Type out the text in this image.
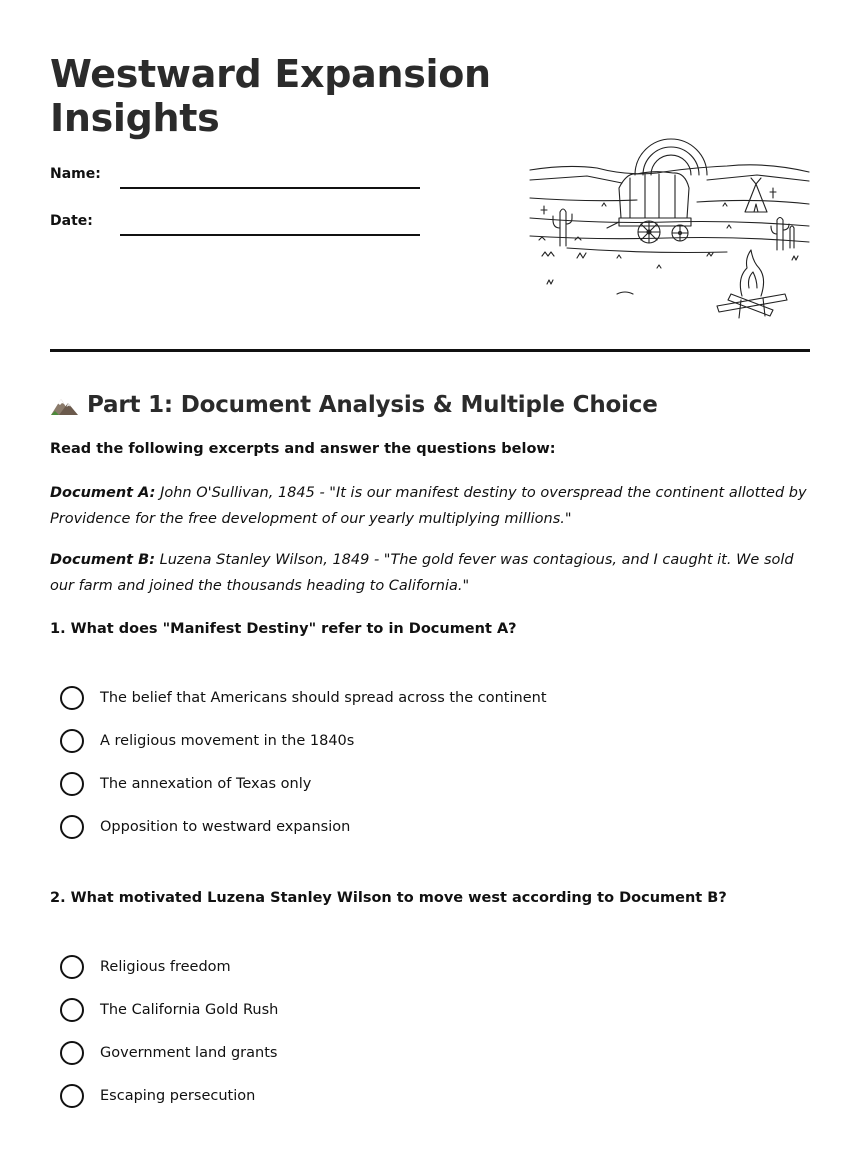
Westward Expansion Insights
Name:
Date:
Part 1: Document Analysis & Multiple Choice
Read the following excerpts and answer the questions below:
Document A: John O'Sullivan, 1845 - "It is our manifest destiny to overspread the continent allotted by Providence for the free development of our yearly multiplying millions."
Document B: Luzena Stanley Wilson, 1849 - "The gold fever was contagious, and I caught it. We sold our farm and joined the thousands heading to California."
1. What does "Manifest Destiny" refer to in Document A?
The belief that Americans should spread across the continent
A religious movement in the 1840s
The annexation of Texas only
Opposition to westward expansion
2. What motivated Luzena Stanley Wilson to move west according to Document B?
Religious freedom
The California Gold Rush
Government land grants
Escaping persecution
